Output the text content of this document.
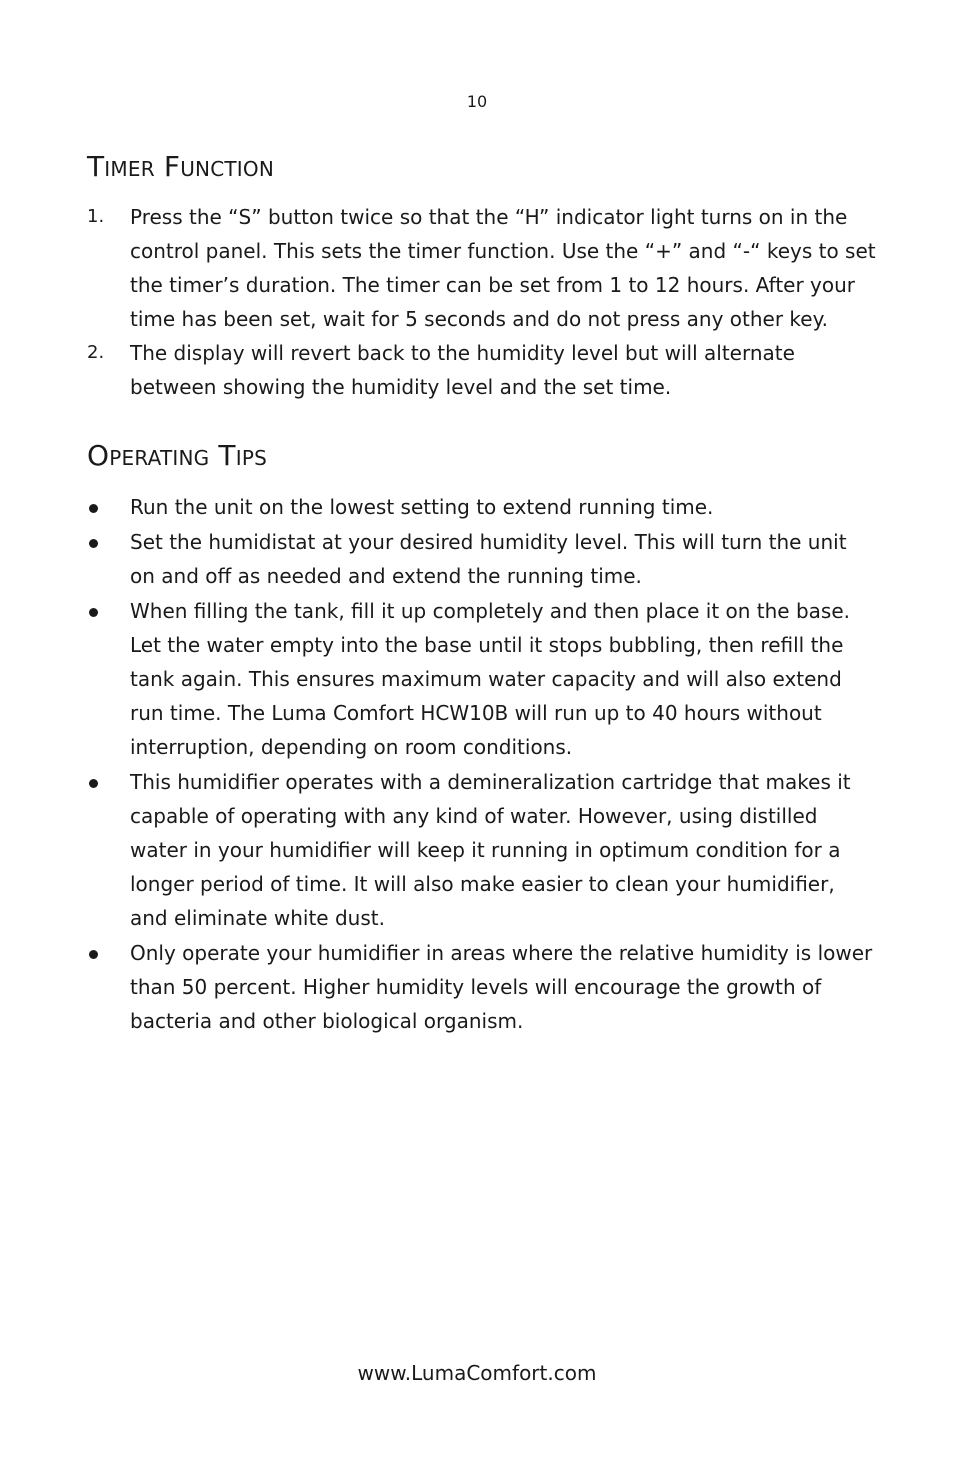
10
Timer Function
1.	Press the “S” button twice so that the “H” indicator light turns on in the control panel. This sets the timer function. Use the “+” and “-“ keys to set the timer’s duration. The timer can be set from 1 to 12 hours. After your time has been set, wait for 5 seconds and do not press any other key.
2.	The display will revert back to the humidity level but will alternate between showing the humidity level and the set time.
Operating Tips
Run the unit on the lowest setting to extend running time.
Set the humidistat at your desired humidity level. This will turn the unit on and off as needed and extend the running time.
When filling the tank, fill it up completely and then place it on the base. Let the water empty into the base until it stops bubbling, then refill the tank again. This ensures maximum water capacity and will also extend run time. The Luma Comfort HCW10B will run up to 40 hours without interruption, depending on room conditions.
This humidifier operates with a demineralization cartridge that makes it capable of operating with any kind of water. However, using distilled water in your humidifier will keep it running in optimum condition for a longer period of time. It will also make easier to clean your humidifier, and eliminate white dust.
Only operate your humidifier in areas where the relative humidity is lower than 50 percent. Higher humidity levels will encourage the growth of bacteria and other biological organism.
www.LumaComfort.com
